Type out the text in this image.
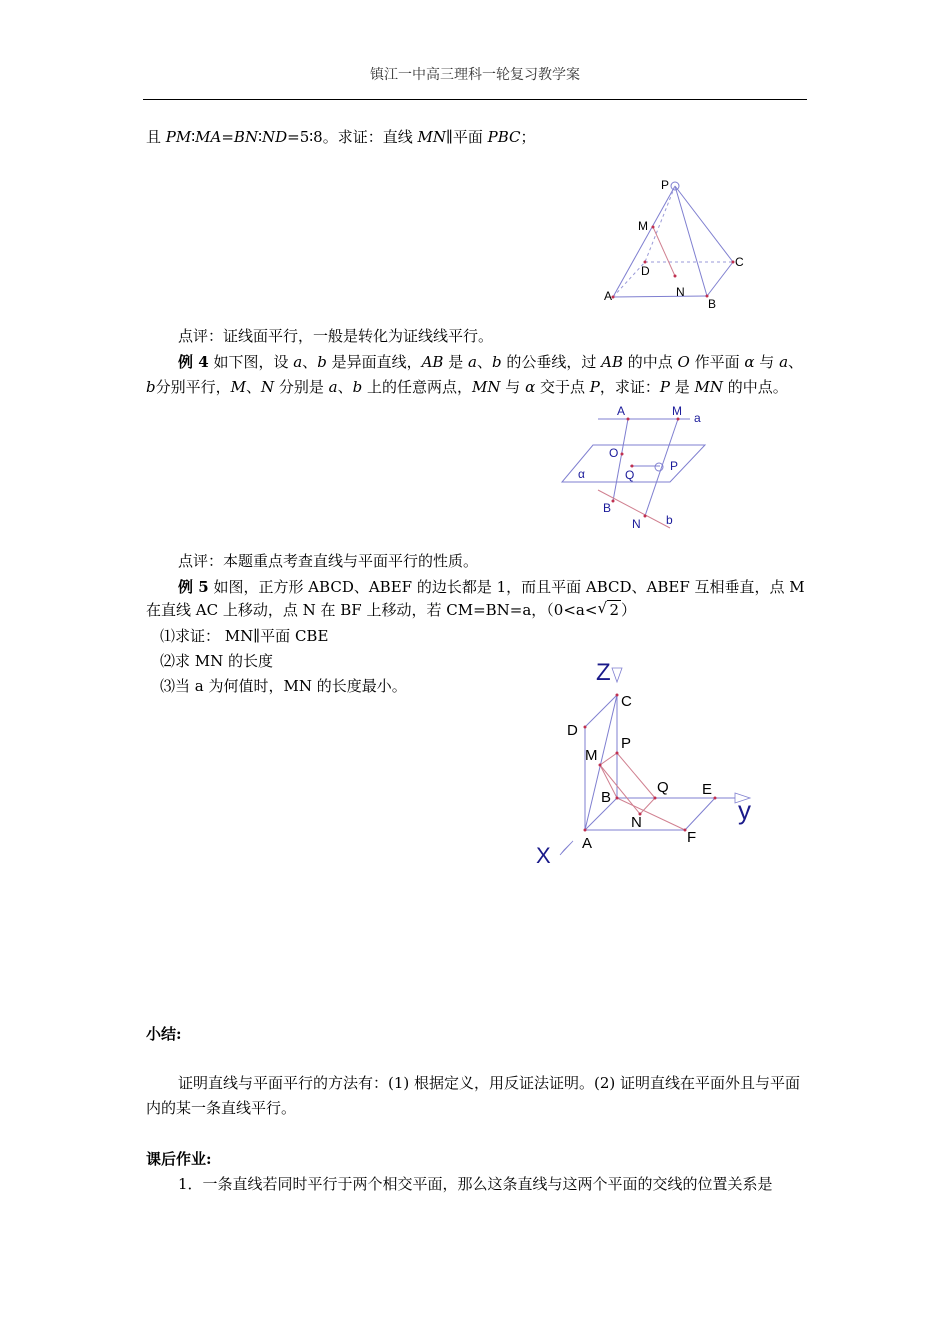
镇江一中高三理科一轮复习教学案
且 PM∶MA=BN∶ND=5∶8。求证：直线 MN∥平面 PBC；
P
M
D
C
A	N
B
点评：证线面平行，一般是转化为证线线平行。
例 4 如下图，设 a、b 是异面直线，AB 是 a、b 的公垂线，过 AB 的中点 O 作平面 α 与 a、b分别平行，M、N 分别是 a、b 上的任意两点，MN 与 α 交于点 P，求证：P 是 MN 的中点。
A	M a
O
Q
P
α
B
N b
点评：本题重点考查直线与平面平行的性质。
例 5 如图，正方形 ABCD、ABEF 的边长都是 1，而且平面 ABCD、ABEF 互相垂直，点 M
在直线 AC 上移动，点 N 在 BF 上移动，若 CM=BN=a，（0<a< √ 2 ）
⑴求证： MN∥平面 CBE
⑵求 MN 的长度
⑶当 a 为何值时，MN 的长度最小。	Z
C
D
P
M
B
Q E
y
N
F
A
X
小结:
证明直线与平面平行的方法有：(1) 根据定义，用反证法证明。(2) 证明直线在平面外且与平面内的某一条直线平行。
课后作业:
1．一条直线若同时平行于两个相交平面，那么这条直线与这两个平面的交线的位置关系是
